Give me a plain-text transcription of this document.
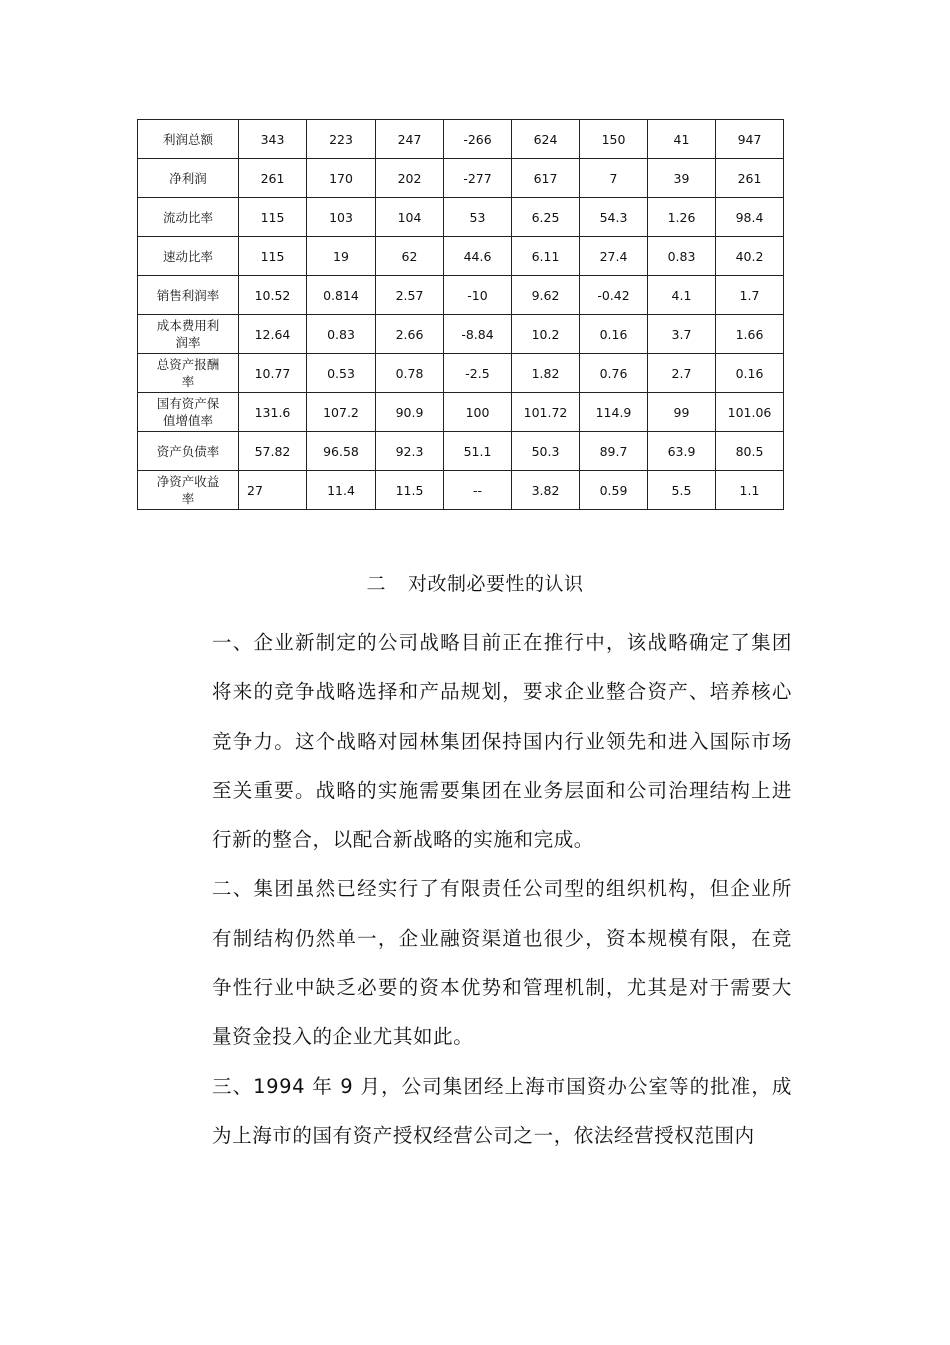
利润总额	343	223	247	-266	624	150	41	947
净利润	261	170	202	-277	617	7	39	261
流动比率	115	103	104	53	6.25	54.3	1.26	98.4
速动比率	115	19	62	44.6	6.11	27.4	0.83	40.2
销售利润率	10.52	0.814	2.57	-10	9.62	-0.42	4.1	1.7
成本费用利润率	12.64	0.83	2.66	-8.84	10.2	0.16	3.7	1.66
总资产报酬率	10.77	0.53	0.78	-2.5	1.82	0.76	2.7	0.16
国有资产保值增值率	131.6	107.2	90.9	100	101.72	114.9	99	101.06
资产负债率	57.82	96.58	92.3	51.1	50.3	89.7	63.9	80.5
净资产收益率	27	11.4	11.5	--	3.82	0.59	5.5	1.1
二 对改制必要性的认识

一、企业新制定的公司战略目前正在推行中，该战略确定了集团将来的竞争战略选择和产品规划，要求企业整合资产、培养核心竞争力。这个战略对园林集团保持国内行业领先和进入国际市场至关重要。战略的实施需要集团在业务层面和公司治理结构上进行新的整合，以配合新战略的实施和完成。

二、集团虽然已经实行了有限责任公司型的组织机构，但企业所有制结构仍然单一，企业融资渠道也很少，资本规模有限，在竞争性行业中缺乏必要的资本优势和管理机制，尤其是对于需要大量资金投入的企业尤其如此。

三、1994 年 9 月，公司集团经上海市国资办公室等的批准，成为上海市的国有资产授权经营公司之一，依法经营授权范围内
